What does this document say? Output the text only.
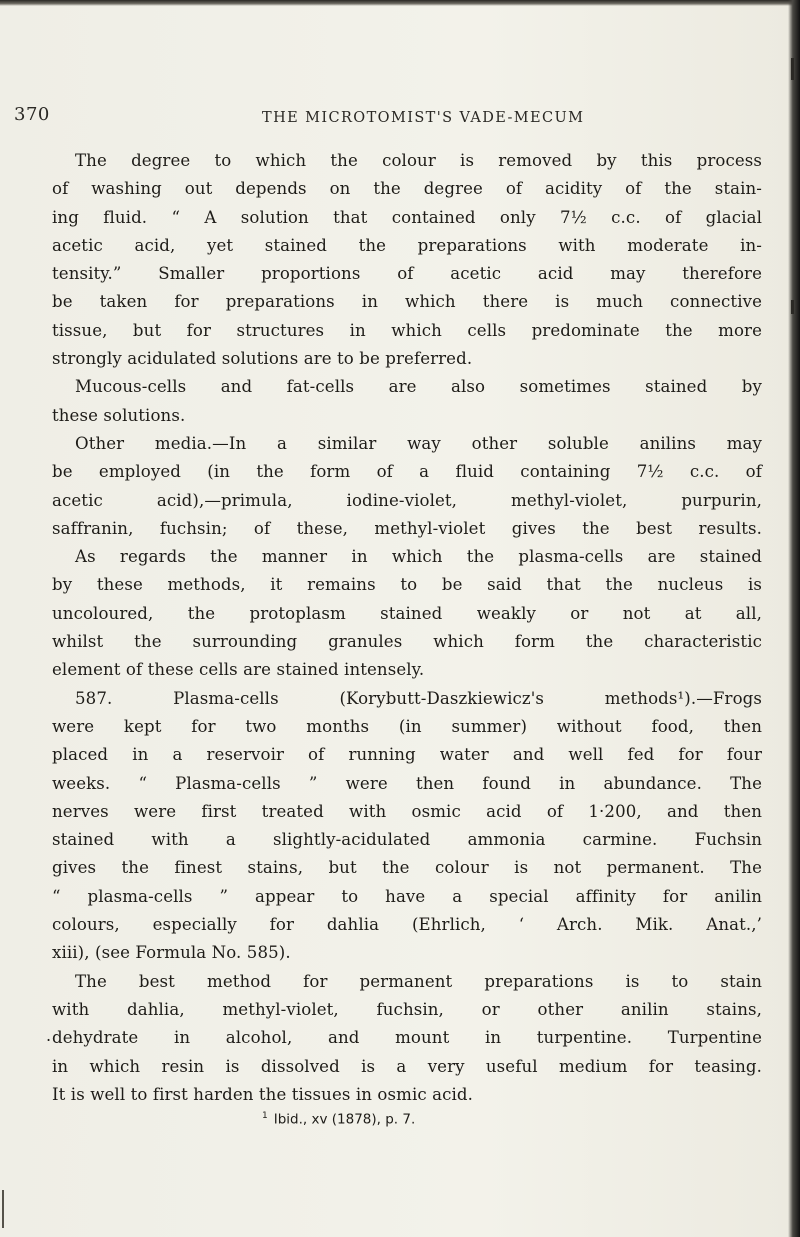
370	THE MICROTOMIST'S VADE-MECUM
The degree to which the colour is removed by this process
of washing out depends on the degree of acidity of the stain-
ing fluid. “ A solution that contained only 7½ c.c. of glacial
acetic acid, yet stained the preparations with moderate in-
tensity.” Smaller proportions of acetic acid may therefore
be taken for preparations in which there is much connective
tissue, but for structures in which cells predominate the more
strongly acidulated solutions are to be preferred.
Mucous-cells and fat-cells are also sometimes stained by
these solutions.
Other media.—In a similar way other soluble anilins may
be employed (in the form of a fluid containing 7½ c.c. of
acetic acid),—primula, iodine-violet, methyl-violet, purpurin,
saffranin, fuchsin; of these, methyl-violet gives the best results.
As regards the manner in which the plasma-cells are stained
by these methods, it remains to be said that the nucleus is
uncoloured, the protoplasm stained weakly or not at all,
whilst the surrounding granules which form the characteristic
element of these cells are stained intensely.
587. Plasma-cells (Korybutt-Daszkiewicz's methods¹).—Frogs
were kept for two months (in summer) without food, then
placed in a reservoir of running water and well fed for four
weeks. “ Plasma-cells ” were then found in abundance. The
nerves were first treated with osmic acid of 1·200, and then
stained with a slightly-acidulated ammonia carmine. Fuchsin
gives the finest stains, but the colour is not permanent. The
“ plasma-cells ” appear to have a special affinity for anilin
colours, especially for dahlia (Ehrlich, ‘ Arch. Mik. Anat.,’
xiii), (see Formula No. 585).
The best method for permanent preparations is to stain
with dahlia, methyl-violet, fuchsin, or other anilin stains,
. dehydrate in alcohol, and mount in turpentine. Turpentine
in which resin is dissolved is a very useful medium for teasing.
It is well to first harden the tissues in osmic acid.
$^1$ Ibid., xv (1878), p. 7.
